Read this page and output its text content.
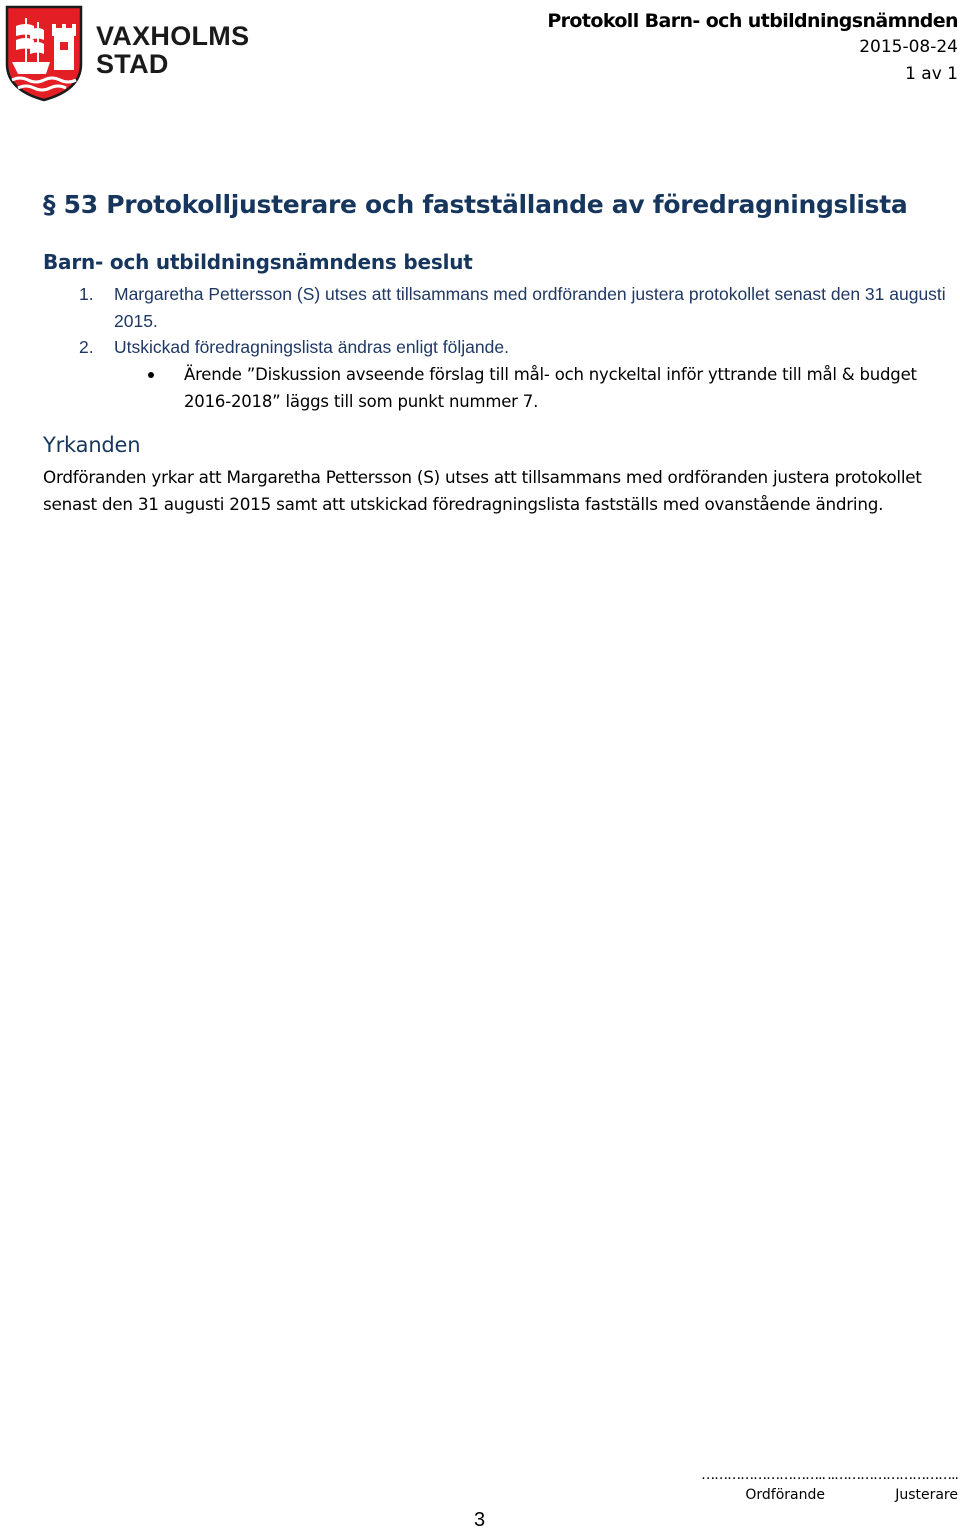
VAXHOLMS
STAD
Protokoll Barn- och utbildningsnämnden
2015-08-24
1 av 1
§ 53 Protokolljusterare och fastställande av föredragningslista
Barn- och utbildningsnämndens beslut
1. Margaretha Pettersson (S) utses att tillsammans med ordföranden justera protokollet senast den 31 augusti 2015.
2. Utskickad föredragningslista ändras enligt följande.
Ärende ”Diskussion avseende förslag till mål- och nyckeltal inför yttrande till mål & budget 2016-2018” läggs till som punkt nummer 7.
Yrkanden
Ordföranden yrkar att Margaretha Pettersson (S) utses att tillsammans med ordföranden justera protokollet senast den 31 augusti 2015 samt att utskickad föredragningslista fastställs med ovanstående ändring.
………………………..
Ordförande
..………………………..
Justerare
3
